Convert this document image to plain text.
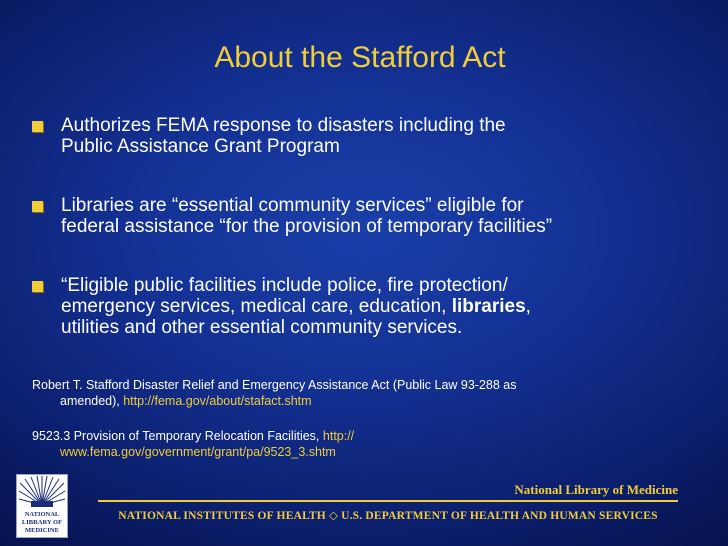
About the Stafford Act
Authorizes FEMA response to disasters including the
Public Assistance Grant Program
Libraries are “essential community services” eligible for
federal assistance “for the provision of temporary facilities”
“Eligible public facilities include police, fire protection/
emergency services, medical care, education, libraries,
utilities and other essential community services.
Robert T. Stafford Disaster Relief and Emergency Assistance Act (Public Law 93-288 as
amended), http://fema.gov/about/stafact.shtm
9523.3 Provision of Temporary Relocation Facilities, http://
www.fema.gov/government/grant/pa/9523_3.shtm
NATIONAL
LIBRARY OF
MEDICINE
National Library of Medicine
NATIONAL INSTITUTES OF HEALTH ◇ U.S. DEPARTMENT OF HEALTH AND HUMAN SERVICES
